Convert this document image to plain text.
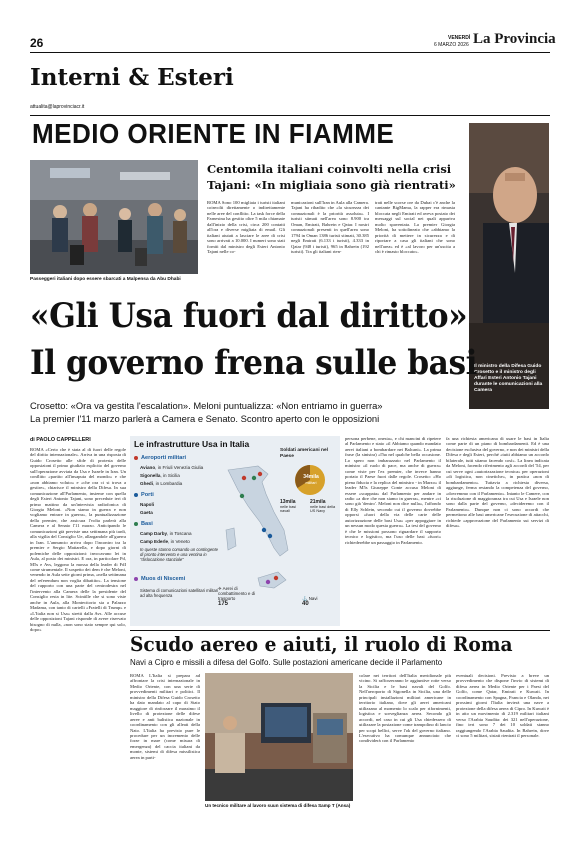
26	VENERDÌ
6 MARZO 2026 La Provincia
Interni & Esteri
attualita@laprovinciacr.it
MEDIO ORIENTE IN FIAMME
Passeggeri italiani dopo essere sbarcati a Malpensa da Abu Dhabi
Centomila italiani coinvolti nella crisi
Tajani: «In migliaia sono già rientrati»
ROMA Sono 100 migliaia i turisti italiani coinvolti direttamente o indirettamente nelle aree del conflitto. La task force della Farnesina ha gestito oltre 5 mila chiamate dall'inizio della crisi, circa 200 contatti all'ora e diverse migliaia di email. Gli italiani aiutati a lasciare le aree di crisi sono arrivati a 10.000. I numeri sono stati forniti dal ministro degli Esteri Antonio Tajani nelle co-
municazioni sull'Iran in Aula alla Camera. Tajani ha ribadito che «la sicurezza dei connazionali è la priorità assoluta». I turisti stimati nell'area sono 8.900 tra Oman, Emirati, Bahrein e Qatar. I nostri connazionali presenti in quell'area sono 1794 in Oman 1386 turisti stimati, 30.385 negli Emirati (6.133 i turisti), 4.333 in Qatar (948 i turisti), 965 in Bahrein (192 turisti). Tra gli italiani rien-
trati nelle scorse ore da Dubai c'è anche la cantante BigMama, la rapper era rimasta bloccata negli Emirati ed aveva postato dei messaggi sul social nei quali appariva molto spaventata. La premier Giorgia Meloni, ha sottolineato che «abbiamo la priorità di mettere in sicurezza e di riportare a casa gli italiani che sono nell'area» ed è «al lavoro per un'uscita a chi è rimasto bloccato».
Il ministro della Difesa Guido Crosetto e il ministro degli Affari Esteri Antonio Tajani durante le comunicazioni alla Camera
«Gli Usa fuori dal diritto»
Il governo frena sulle basi
Crosetto: «Ora va gestita l'escalation». Meloni puntualizza: «Non entriamo in guerra»
La premier l'11 marzo parlerà a Camera e Senato. Scontro aperto con le opposizioni
di PAOLO CAPPELLERI
ROMA «Certo che è stata al di fuori delle regole del diritto internazionale». Arriva in una risposta di Guido Crosetto alle sfide di protesta delle opposizioni il primo giudizio esplicito del governo sull'operazione avviata da Usa e Israele in Iran. Un conflitto «partito all'insaputa del mondo» e che «non abbiamo voluto» e «che ora ci si trova a gestire», chiarisce il ministro della Difesa. In sua comunicazione all'Parlamento, insieme con quella degli Esteri Antonio Tajani, sono precedute ieri di primo mattino da un'intervista radiofonica di Giorgia Meloni. «Non siamo in guerra e non vogliamo entrare in guerra», la puntualizzazione della premier, che assicura l'volta parlerà alla Camera e al Senato l'11 marzo. Anticipando le comunicazioni già previste una settimana più tardi, alla vigilia del Consiglio Ue, allargandole all'guerra in Iran. L'annuncio arriva dopo l'incontro tra la premier e Sergio Mattarella, e dopo giorni di polemiche delle opposizioni: invocavano lei in Aula, al posto dei ministri. E ora, in particolare Pd, M5s e Avs, leggono la mossa della leader di FdI come strumentale. Il sospetto dei dem è che Meloni, venendo in Aula sette giorni prima, «nella settimana del referendum non voglia dibattito». La tensione del rapporto con una parte del centrodestra nel l'intervento alla Camera delle la presidente del Consiglio resta in lite. Scintille che si sono viste anche in Aula, alla Montecitorio sia a Palazzo Madama, con tanto di cartelli «Fratelli di Trump» e «L'Italia non si Usa» stretti dalla Avs. Alle accuse delle opposizioni Tajani risponde di avere riservato bisogno di nulla, «non sono stato sempre qui solo, dopo»
Le infrastrutture Usa in Italia
Aeroporti militari
Aviano, in Friuli Venezia Giulia
Sigonella, in Sicilia
Ghedi, in Lombardia
Porti
Napoli
Gaeta
Basi
Camp Darby, in Toscana
Camp Ederle, in Veneto
In queste stanno comando un contingente di pronto intervento e una ventina in "dislocazione stanziale"
Muos di Niscemi
Sistema di comunicazioni satellitari militari ad alta frequenza
Soldati americani nel Paese
34mila
militari
13mila
nelle basi navali
21mila
nelle basi della US Navy
✈ Aerei di combattimento e di trasporto
175
⚓ Navi
40
persona perbene, onesta», e chi mancini di ripetere al Parlamento e stato «il Abbiamo quando mandato aerei italiani a bombardare nei Balcani». La prima frase (la sinistra) «l'ha nel qualche bella occasione. Lo spero non imbarazzato nel Parlamento il ministro «il ruolo di pace, ma anche di guerra» come viste per l'ex premier, che invece hanno portato il Paese fuori dalle regole. Crosetto: «Ho piena fiducia e la replica del ministro - in Marzo» il leader M5s Giuseppe Conte accusa Meloni di essere «scappata» dal Parlamento per andare in radio «a dire che non siamo in guerra», mentre «ci sono già 'dentro'. Meloni non dice nulla», l'affondo di Elly Schlein, secondo cui il governo dovrebbe opporsi «fuori della via delle carte delle autorizzazione delle basi Usa» «per appoggiare in un nessun modo questa guerra». La tesi del governo è che le missioni possono riguardare il supporto tecnico e logistico, ma l'uso delle basi «fuori» richiederebbe un passaggio in Parlamento.
fa una richiesta americana di usare le basi in Italia come parte di un piano di bombardamenti. Ed è una decisione esclusiva del governo, e non dei ministri della Difesa e degli Esteri, perché «tutti abbiamo un accordo bilaterale, tutti stiamo facendo così». La linea indicata da Meloni, facendo riferimento agli accordi del '54, per cui serve ogni «autorizzazione tecnica» per operazioni «di logistica, non cinetiche», in pratica «non di bombardamento». Tuttavia a richiesta diversa, aggiunge, ferma restando la competenza del governo, «dovremmo con il Parlamento». Intanto le Camere, con la risoluzione di maggioranza tra cui Usa e Israele non sono dalla parte del governo, «decideremo con il Parlamento». Dunque non ci sono accordi che permettono alle basi americane l'esecuzione di attacchi, richiede «approvazione del Parlamento sui servizi di difesa».
Scudo aereo e aiuti, il ruolo di Roma
Navi a Cipro e missili a difesa del Golfo. Sulle postazioni americane decide il Parlamento
ROMA L'Italia si prepara ad affrontare la crisi internazionale in Medio Oriente, con una serie di provvedimenti militari e politici. Il ministro della Difesa Guido Crosetto ha dato mandato al capo di Stato maggiore di rinforzare il massimo il livello di protezione delle difese aeree e anti balistica nazionale in coordinamento con gli alleati della Nato. L'Italia ha previsto pure le procedure per un incremento delle forze in mare (come misura di emergenza) del caccia italiani da monte, sistemi di difesa missilistica aerea in parti-
Un tecnico militare al lavoro suun sistema di difesa Samp T (Ansa)
colare nei territori dell'Italia meridionale più vicino. Si rafforzeranno le aggiuntive rotte verso la Sicilia e le basi navali del Golfo. Nell'aeroporto di Sigonella in Sicilia, una delle principali installazioni militari americane in territorio italiano, dove gli aerei americani utilizzano al momento lo scalo per rifornimenti, logistica e sorveglianza aerea. Secondo gli accordi, nel caso in cui gli Usa chiedessero di utilizzare la postazione come trampolino di lancio per scopi bellici, serve l'ok del governo italiano. L'esecutivo ha comunque annunciato che condividerà con il Parlamento
eventuali decisioni. Previsto a breve un provvedimento che dispone l'invio di sistemi di difesa aerea in Medio Oriente per i Paesi del Golfo, come Qatar, Emirati e Kuwait. In coordinamento con Spagna, Francia e Olanda, nei prossimi giorni l'Italia invierà una nave a protezione della difesa aerea di Cipro. In Kuwait è in atto un movimento di 2.319 militari italiani verso l'Arabia Saudita: dei 321 nell'operazione, fino ieri sono 7 dei 10 soldati stanno raggiungendo l'Arabia Saudita. In Bahrein, dove ci sono 5 militari, sistati rientrati il personale.
